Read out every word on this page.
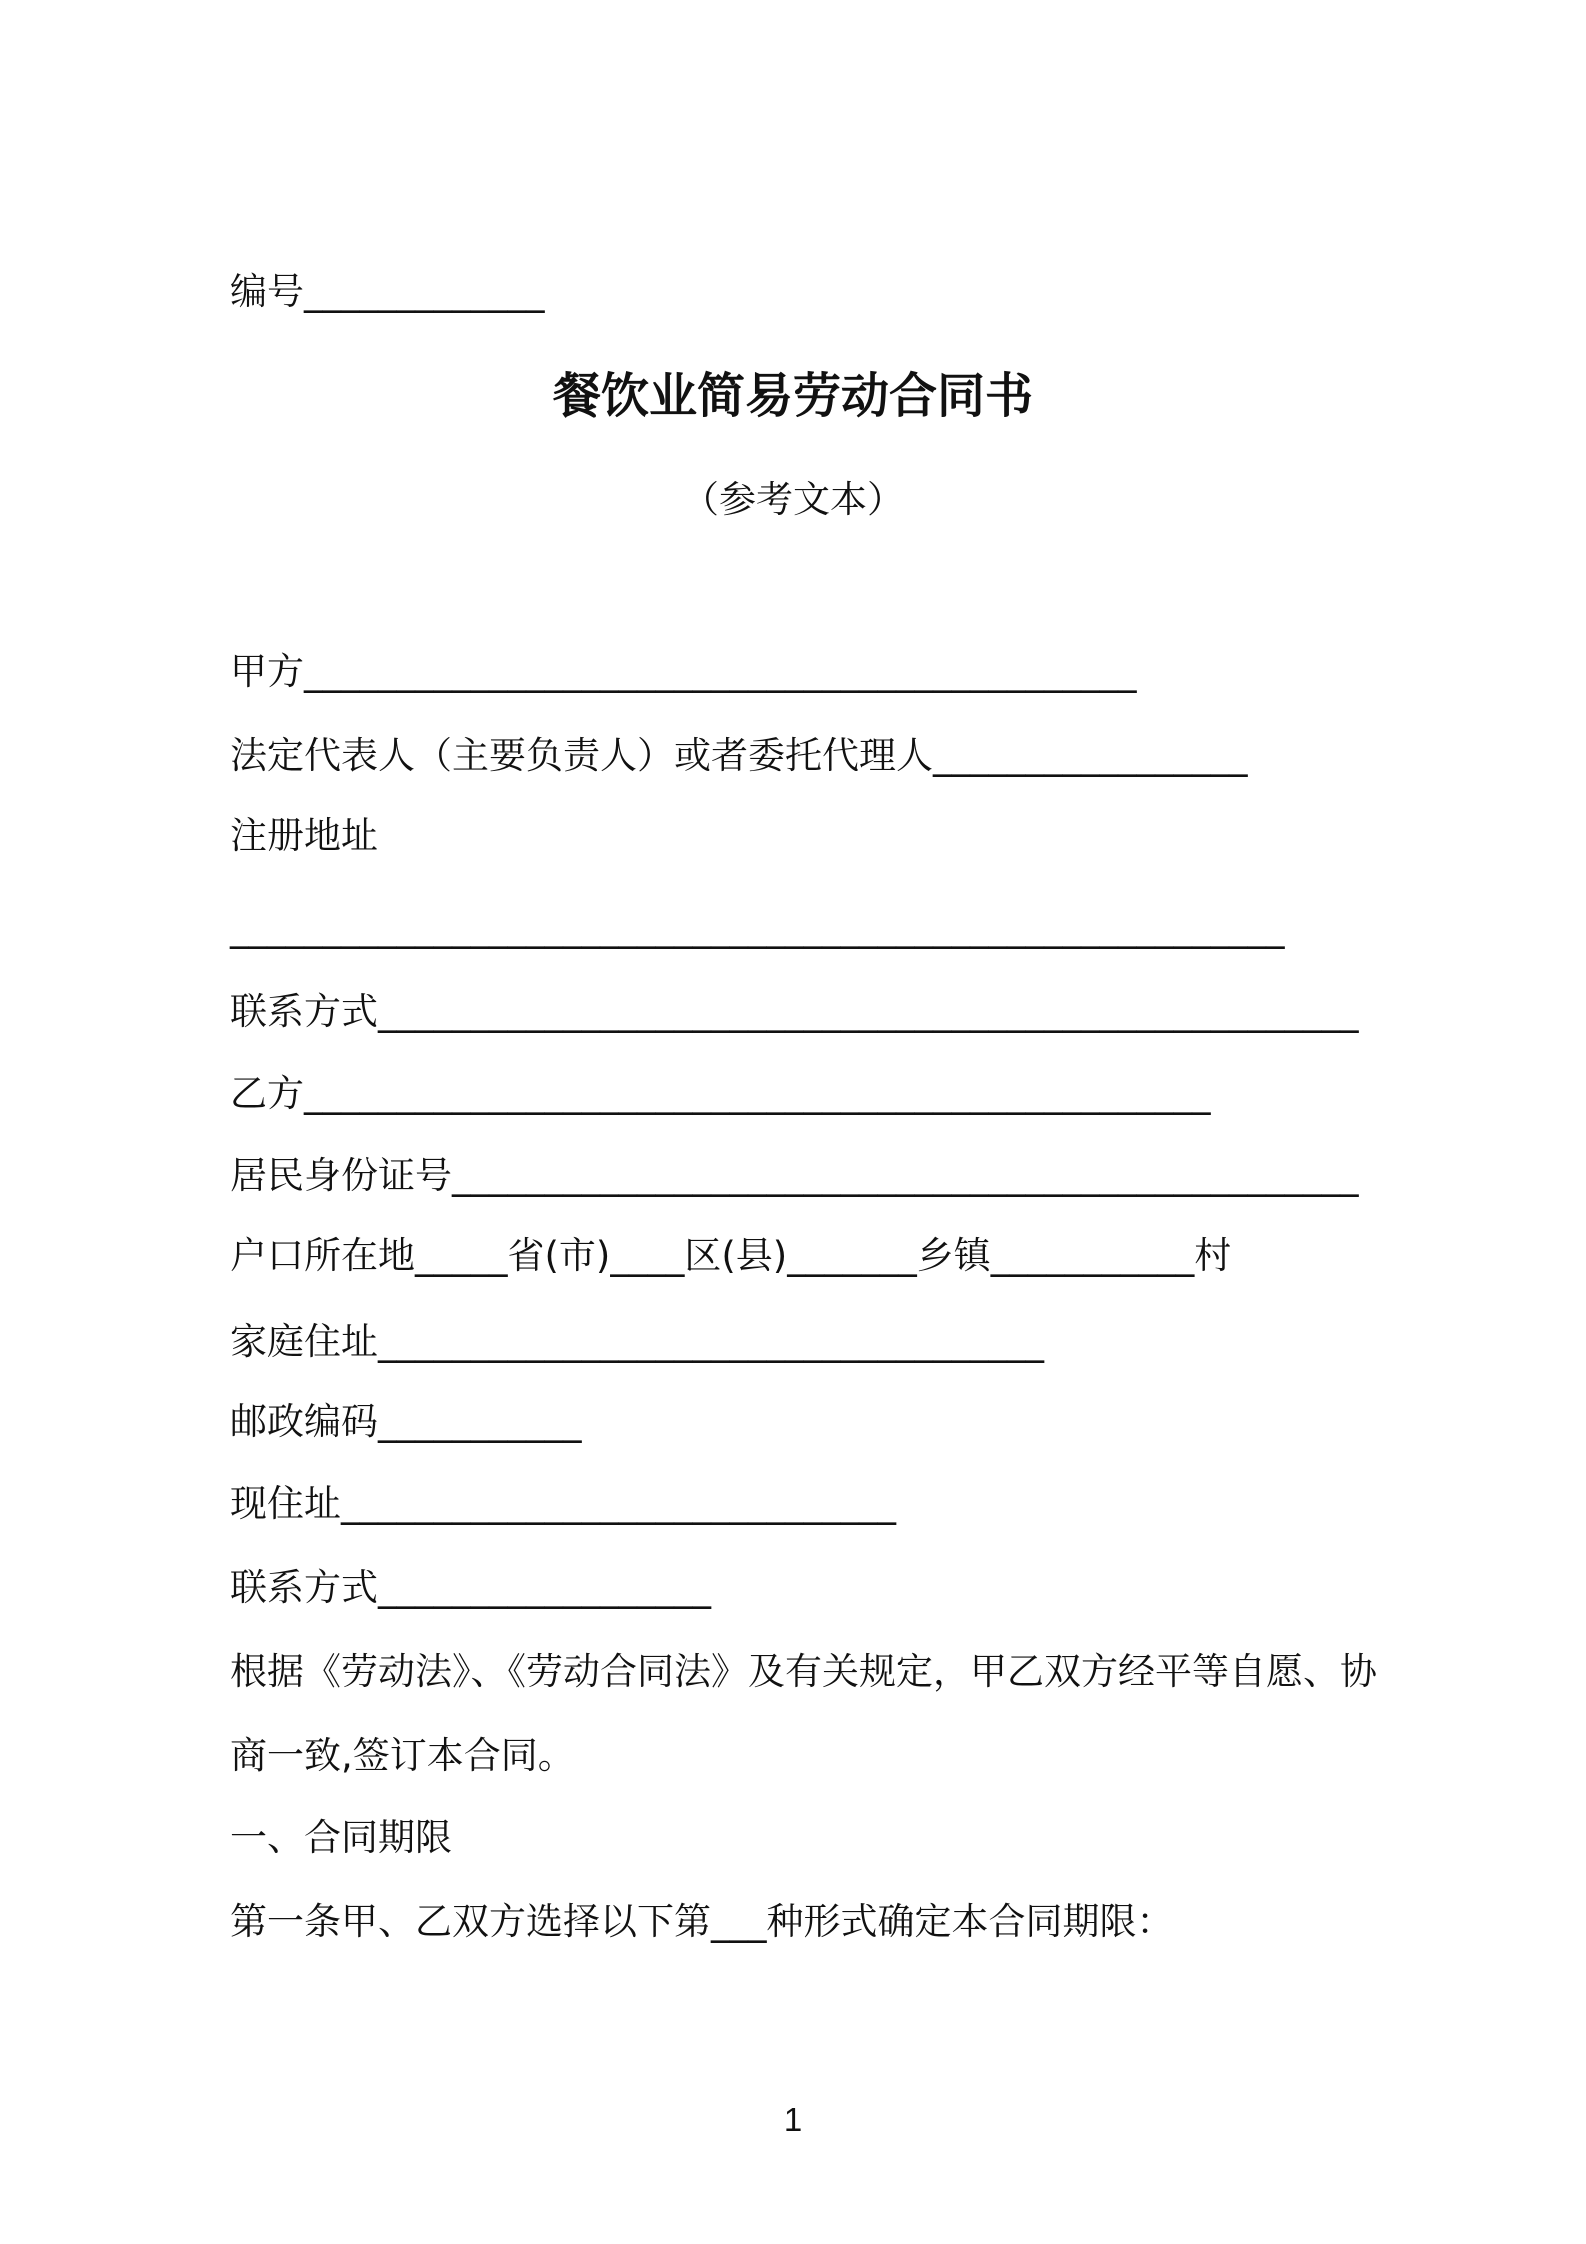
编号_____________
餐饮业简易劳动合同书
（参考文本）
甲方_____________________________________________
法定代表人（主要负责人）或者委托代理人_________________
注册地址
_________________________________________________________
联系方式_____________________________________________________
乙方_________________________________________________
居民身份证号_________________________________________________
户口所在地_____省(市)____区(县)_______乡镇___________村
家庭住址____________________________________
邮政编码___________
现住址______________________________
联系方式__________________
根据《劳动法》、《劳动合同法》及有关规定，甲乙双方经平等自愿、协
商一致,签订本合同。
一、合同期限
第一条甲、乙双方选择以下第___种形式确定本合同期限：
1
